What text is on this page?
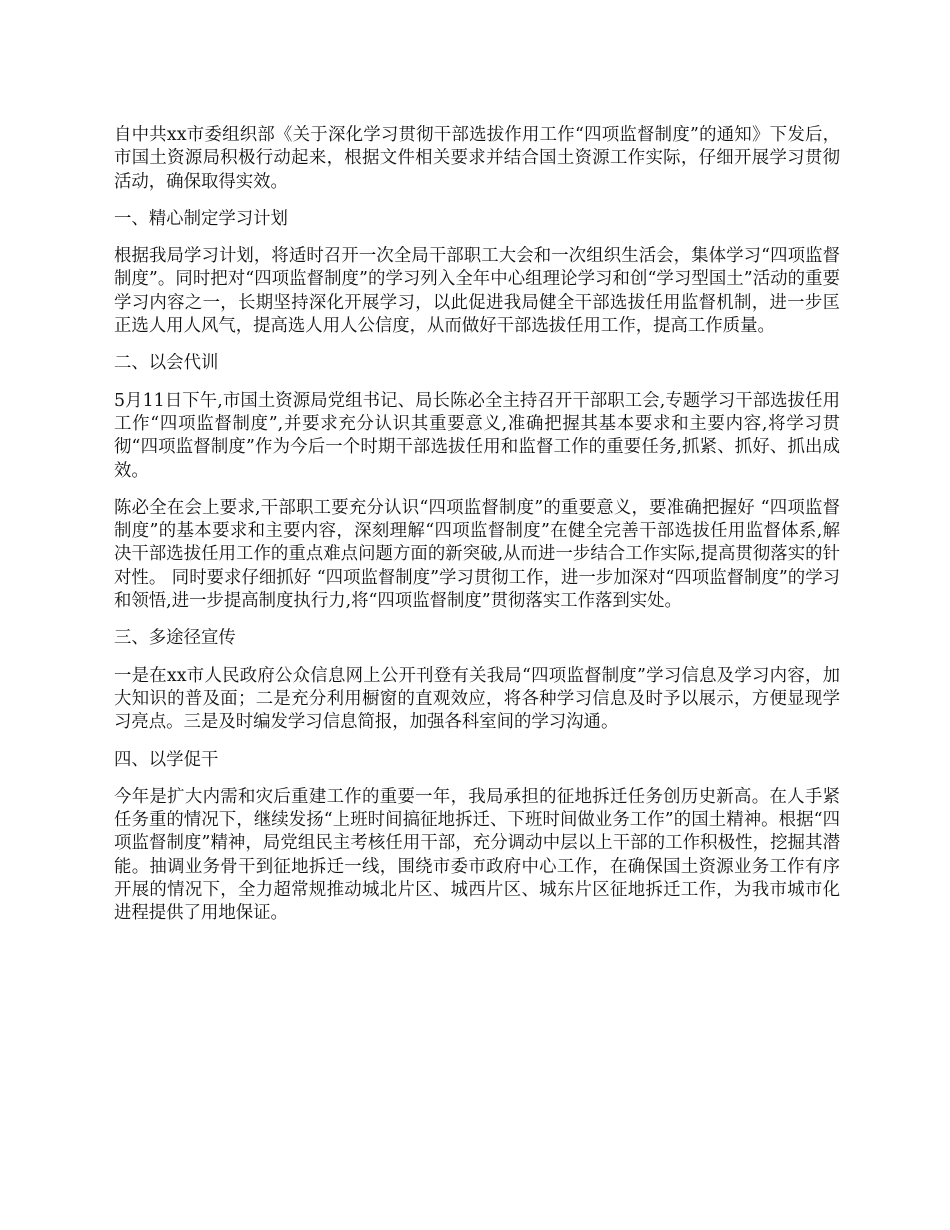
自中共xx市委组织部《关于深化学习贯彻干部选拔作用工作“四项监督制度”的通知》下发后，市国土资源局积极行动起来，根据文件相关要求并结合国土资源工作实际，仔细开展学习贯彻活动，确保取得实效。

一、精心制定学习计划

根据我局学习计划，将适时召开一次全局干部职工大会和一次组织生活会，集体学习“四项监督制度”。同时把对“四项监督制度”的学习列入全年中心组理论学习和创“学习型国土”活动的重要学习内容之一，长期坚持深化开展学习，以此促进我局健全干部选拔任用监督机制，进一步匡正选人用人风气，提高选人用人公信度，从而做好干部选拔任用工作，提高工作质量。

二、以会代训

5月11日下午,市国土资源局党组书记、局长陈必全主持召开干部职工会,专题学习干部选拔任用工作“四项监督制度”,并要求充分认识其重要意义,准确把握其基本要求和主要内容,将学习贯彻“四项监督制度”作为今后一个时期干部选拔任用和监督工作的重要任务,抓紧、抓好、抓出成效。

陈必全在会上要求,干部职工要充分认识“四项监督制度”的重要意义，要准确把握好 “四项监督制度”的基本要求和主要内容，深刻理解“四项监督制度”在健全完善干部选拔任用监督体系,解决干部选拔任用工作的重点难点问题方面的新突破,从而进一步结合工作实际,提高贯彻落实的针对性。 同时要求仔细抓好 “四项监督制度”学习贯彻工作，进一步加深对“四项监督制度”的学习和领悟,进一步提高制度执行力,将“四项监督制度”贯彻落实工作落到实处。

三、多途径宣传

一是在xx市人民政府公众信息网上公开刊登有关我局“四项监督制度”学习信息及学习内容，加大知识的普及面；二是充分利用橱窗的直观效应，将各种学习信息及时予以展示，方便显现学习亮点。三是及时编发学习信息简报，加强各科室间的学习沟通。

四、以学促干

今年是扩大内需和灾后重建工作的重要一年，我局承担的征地拆迁任务创历史新高。在人手紧任务重的情况下，继续发扬“上班时间搞征地拆迁、下班时间做业务工作”的国土精神。根据“四项监督制度”精神，局党组民主考核任用干部，充分调动中层以上干部的工作积极性，挖掘其潜能。抽调业务骨干到征地拆迁一线，围绕市委市政府中心工作，在确保国土资源业务工作有序开展的情况下，全力超常规推动城北片区、城西片区、城东片区征地拆迁工作，为我市城市化进程提供了用地保证。
